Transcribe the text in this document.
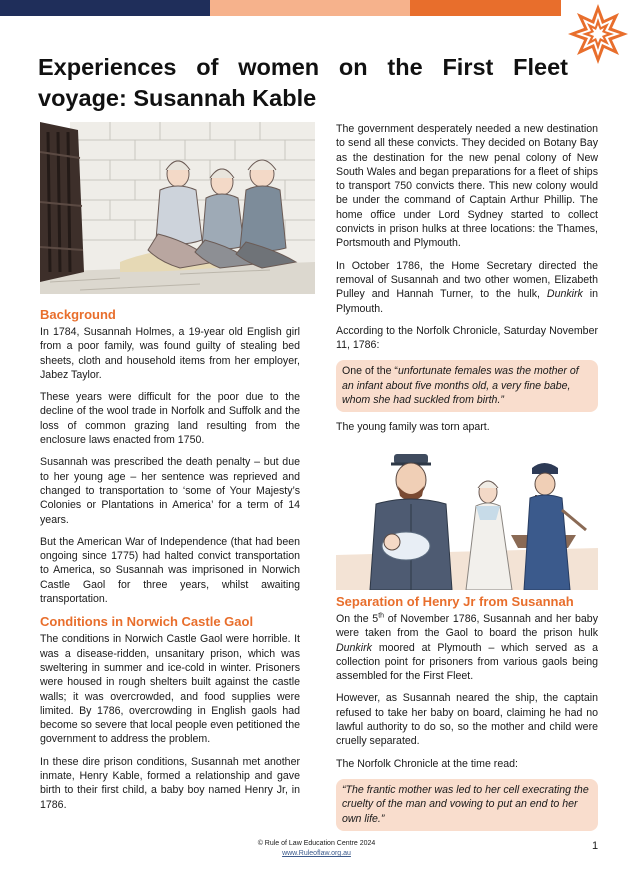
Experiences of women on the First Fleet voyage: Susannah Kable
Background

In 1784, Susannah Holmes, a 19-year old English girl from a poor family, was found guilty of stealing bed sheets, cloth and household items from her employer, Jabez Taylor.

These years were difficult for the poor due to the decline of the wool trade in Norfolk and Suffolk and the loss of common grazing land resulting from the enclosure laws enacted from 1750.

Susannah was prescribed the death penalty – but due to her young age – her sentence was reprieved and changed to transportation to ‘some of Your Majesty’s Colonies or Plantations in America’ for a term of 14 years.

But the American War of Independence (that had been ongoing since 1775) had halted convict transportation to America, so Susannah was imprisoned in Norwich Castle Gaol for three years, whilst awaiting transportation.

Conditions in Norwich Castle Gaol

The conditions in Norwich Castle Gaol were horrible. It was a disease-ridden, unsanitary prison, which was sweltering in summer and ice-cold in winter. Prisoners were housed in rough shelters built against the castle walls; it was overcrowded, and food supplies were limited. By 1786, overcrowding in English gaols had become so severe that local people even petitioned the government to address the problem.

In these dire prison conditions, Susannah met another inmate, Henry Kable, formed a relationship and gave birth to their first child, a baby boy named Henry Jr, in 1786.

The government desperately needed a new destination to send all these convicts. They decided on Botany Bay as the destination for the new penal colony of New South Wales and began preparations for a fleet of ships to transport 750 convicts there. This new colony would be under the command of Captain Arthur Phillip. The home office under Lord Sydney started to collect convicts in prison hulks at three locations: the Thames, Portsmouth and Plymouth.

In October 1786, the Home Secretary directed the removal of Susannah and two other women, Elizabeth Pulley and Hannah Turner, to the hulk, Dunkirk in Plymouth.

According to the Norfolk Chronicle, Saturday November 11, 1786:

One of the “unfortunate females was the mother of an infant about five months old, a very fine babe, whom she had suckled from birth.”

The young family was torn apart.

Separation of Henry Jr from Susannah

On the 5th of November 1786, Susannah and her baby were taken from the Gaol to board the prison hulk Dunkirk moored at Plymouth – which served as a collection point for prisoners from various gaols being assembled for the First Fleet.

However, as Susannah neared the ship, the captain refused to take her baby on board, claiming he had no lawful authority to do so, so the mother and child were cruelly separated.

The Norfolk Chronicle at the time read:

“The frantic mother was led to her cell execrating the cruelty of the man and vowing to put an end to her own life.”

© Rule of Law Education Centre 2024
www.Ruleoflaw.org.au
1
